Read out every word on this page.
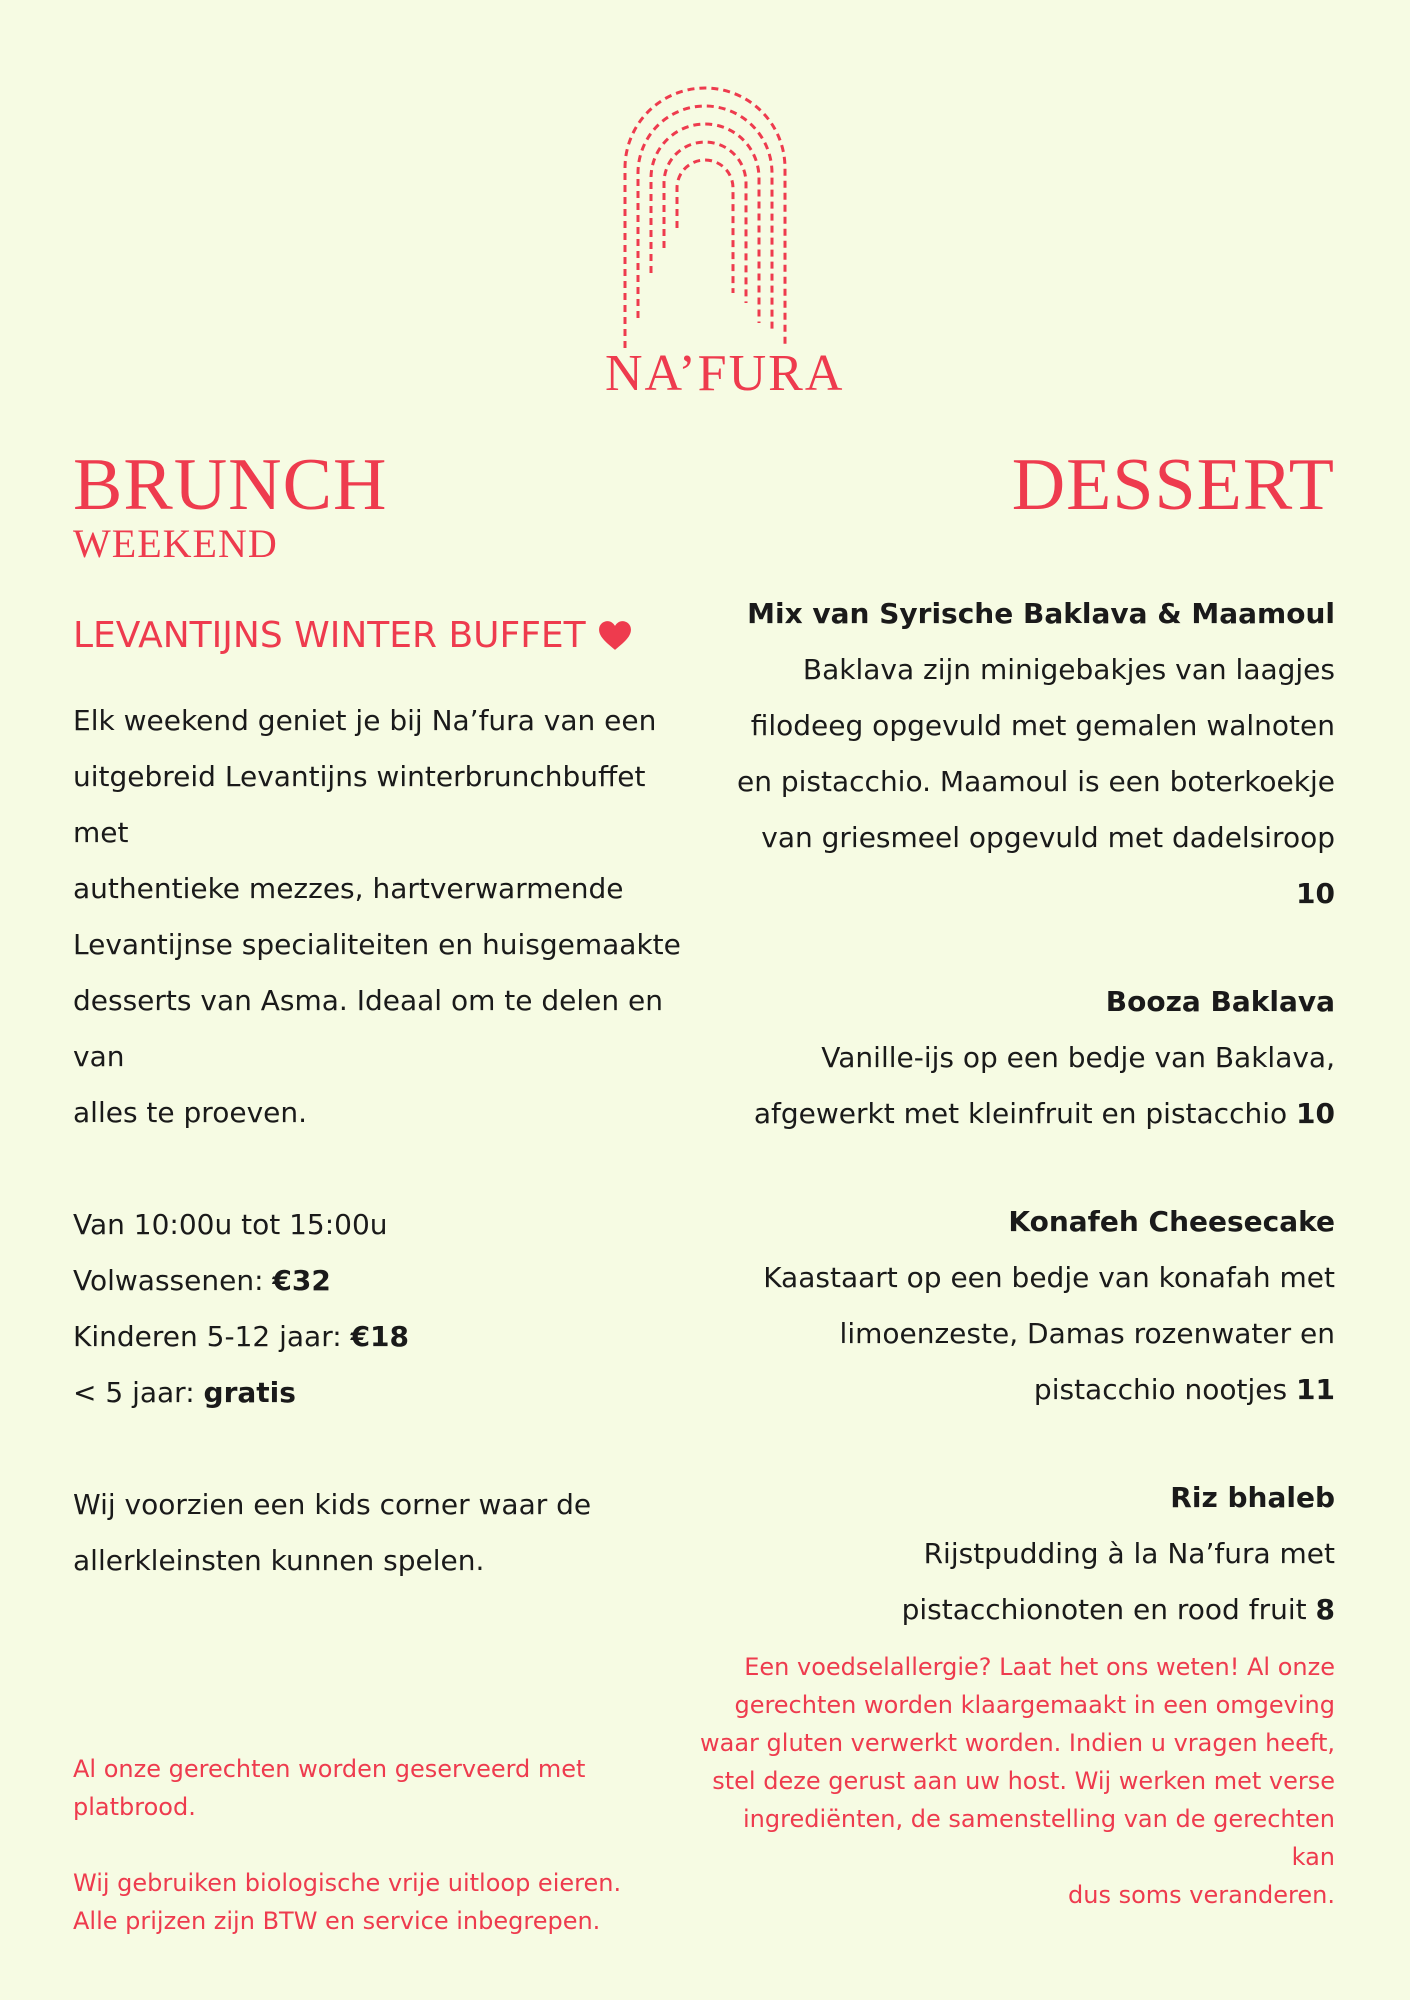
NA’FURA
BRUNCH
WEEKEND
LEVANTIJNS WINTER BUFFET
Elk weekend geniet je bij Na’fura van een
uitgebreid Levantijns winterbrunchbuffet met
authentieke mezzes, hartverwarmende
Levantijnse specialiteiten en huisgemaakte
desserts van Asma. Ideaal om te delen en van
alles te proeven.
Van 10:00u tot 15:00u
Volwassenen: €32
Kinderen 5-12 jaar: €18
< 5 jaar: gratis
Wij voorzien een kids corner waar de
allerkleinsten kunnen spelen.
Al onze gerechten worden geserveerd met platbrood.
Wij gebruiken biologische vrije uitloop eieren.
Alle prijzen zijn BTW en service inbegrepen.
DESSERT
Mix van Syrische Baklava & Maamoul
Baklava zijn minigebakjes van laagjes
filodeeg opgevuld met gemalen walnoten
en pistacchio. Maamoul is een boterkoekje
van griesmeel opgevuld met dadelsiroop 10
Booza Baklava
Vanille-ijs op een bedje van Baklava,
afgewerkt met kleinfruit en pistacchio 10
Konafeh Cheesecake
Kaastaart op een bedje van konafah met
limoenzeste, Damas rozenwater en
pistacchio nootjes 11
Riz bhaleb
Rijstpudding à la Na’fura met
pistacchionoten en rood fruit 8
Een voedselallergie? Laat het ons weten! Al onze
gerechten worden klaargemaakt in een omgeving
waar gluten verwerkt worden. Indien u vragen heeft,
stel deze gerust aan uw host. Wij werken met verse
ingrediënten, de samenstelling van de gerechten kan
dus soms veranderen.
